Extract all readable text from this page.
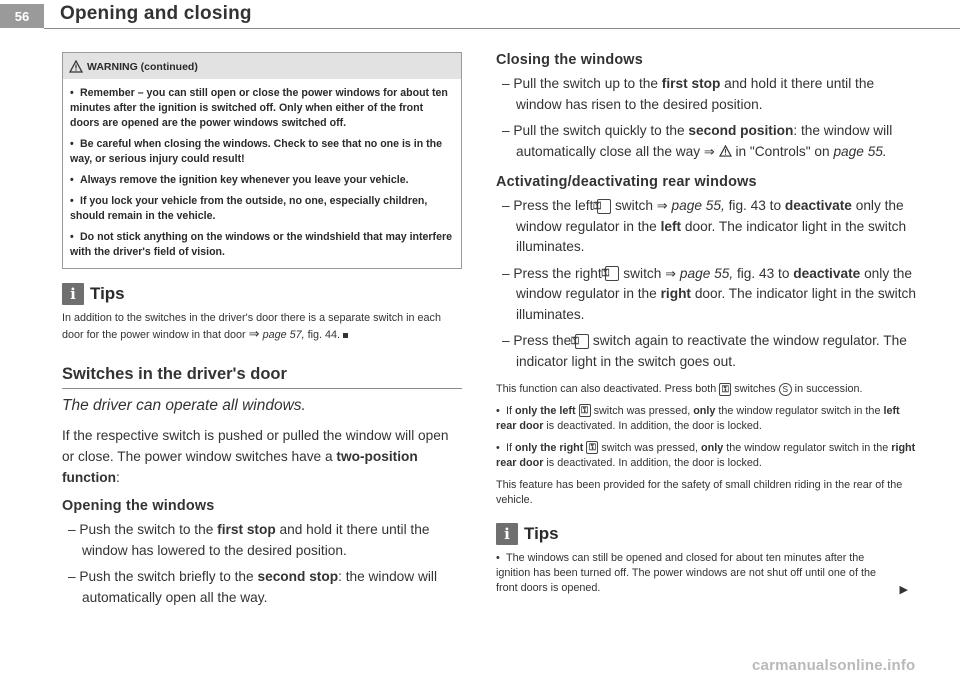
56	Opening and closing
WARNING (continued)

• Remember – you can still open or close the power windows for about ten minutes after the ignition is switched off. Only when either of the front doors are opened are the power windows switched off.

• Be careful when closing the windows. Check to see that no one is in the way, or serious injury could result!

• Always remove the ignition key whenever you leave your vehicle.

• If you lock your vehicle from the outside, no one, especially children, should remain in the vehicle.

• Do not stick anything on the windows or the windshield that may interfere with the driver's field of vision.

i Tips
In addition to the switches in the driver's door there is a separate switch in each door for the power window in that door ⇒ page 57, fig. 44.
Switches in the driver's door
The driver can operate all windows.
If the respective switch is pushed or pulled the window will open or close. The power window switches have a two-position function:
Opening the windows
– Push the switch to the first stop and hold it there until the window has lowered to the desired position.
– Push the switch briefly to the second stop: the window will automatically open all the way.
Closing the windows
– Pull the switch up to the first stop and hold it there until the window has risen to the desired position.
– Pull the switch quickly to the second position: the window will automatically close all the way ⇒ in "Controls" on page 55.
Activating/deactivating rear windows
– Press the left ⚿ switch ⇒ page 55, fig. 43 to deactivate only the window regulator in the left door. The indicator light in the switch illuminates.
– Press the right ⚿ switch ⇒ page 55, fig. 43 to deactivate only the window regulator in the right door. The indicator light in the switch illuminates.
– Press the ⚿ switch again to reactivate the window regulator. The indicator light in the switch goes out.
This function can also deactivated. Press both ⚿ switches S in succession.
• If only the left ⚿ switch was pressed, only the window regulator switch in the left rear door is deactivated. In addition, the door is locked.
• If only the right ⚿ switch was pressed, only the window regulator switch in the right rear door is deactivated. In addition, the door is locked.
This feature has been provided for the safety of small children riding in the rear of the vehicle.
i Tips
• The windows can still be opened and closed for about ten minutes after the ignition has been turned off. The power windows are not shut off until one of the front doors is opened.	▶
carmanualsonline.info
